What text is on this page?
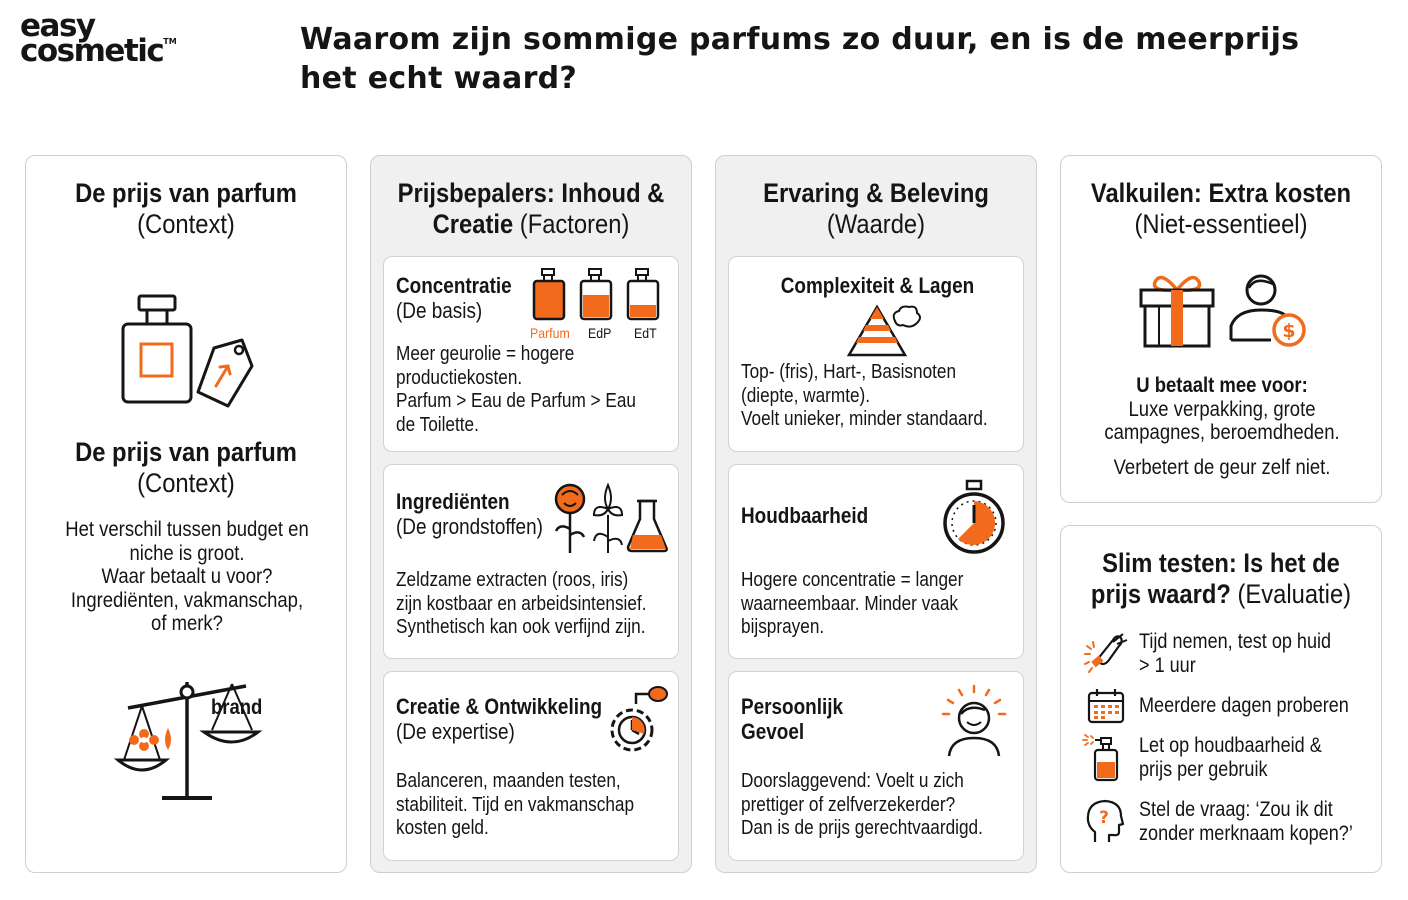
easy
cosmetic™	Waarom zijn sommige parfums zo duur, en is de meerprijs het echt waard?
De prijs van parfum
(Context)
De prijs van parfum
(Context)
Het verschil tussen budget en
niche is groot.
Waar betaalt u voor?
Ingrediënten, vakmanschap,
of merk?
brand
Prijsbepalers: Inhoud &
Creatie (Factoren)
Concentratie
(De basis)
Parfum EdP EdT
Meer geurolie = hogere
productiekosten.
Parfum > Eau de Parfum > Eau
de Toilette.
Ingrediënten
(De grondstoffen)
Zeldzame extracten (roos, iris)
zijn kostbaar en arbeidsintensief.
Synthetisch kan ook verfijnd zijn.
Creatie & Ontwikkeling
(De expertise)
Balanceren, maanden testen,
stabiliteit. Tijd en vakmanschap
kosten geld.
Ervaring & Beleving
(Waarde)
Complexiteit & Lagen
Top- (fris), Hart-, Basisnoten
(diepte, warmte).
Voelt unieker, minder standaard.
Houdbaarheid
Hogere concentratie = langer
waarneembaar. Minder vaak
bijsprayen.
Persoonlijk
Gevoel
Doorslaggevend: Voelt u zich
prettiger of zelfverzekerder?
Dan is de prijs gerechtvaardigd.
Valkuilen: Extra kosten
(Niet-essentieel)
$
U betaalt mee voor:
Luxe verpakking, grote
campagnes, beroemdheden.
Verbetert de geur zelf niet.
Slim testen: Is het de
prijs waard? (Evaluatie)
Tijd nemen, test op huid
> 1 uur
Meerdere dagen proberen
Let op houdbaarheid &
prijs per gebruik
? Stel de vraag: ‘Zou ik dit
zonder merknaam kopen?’
